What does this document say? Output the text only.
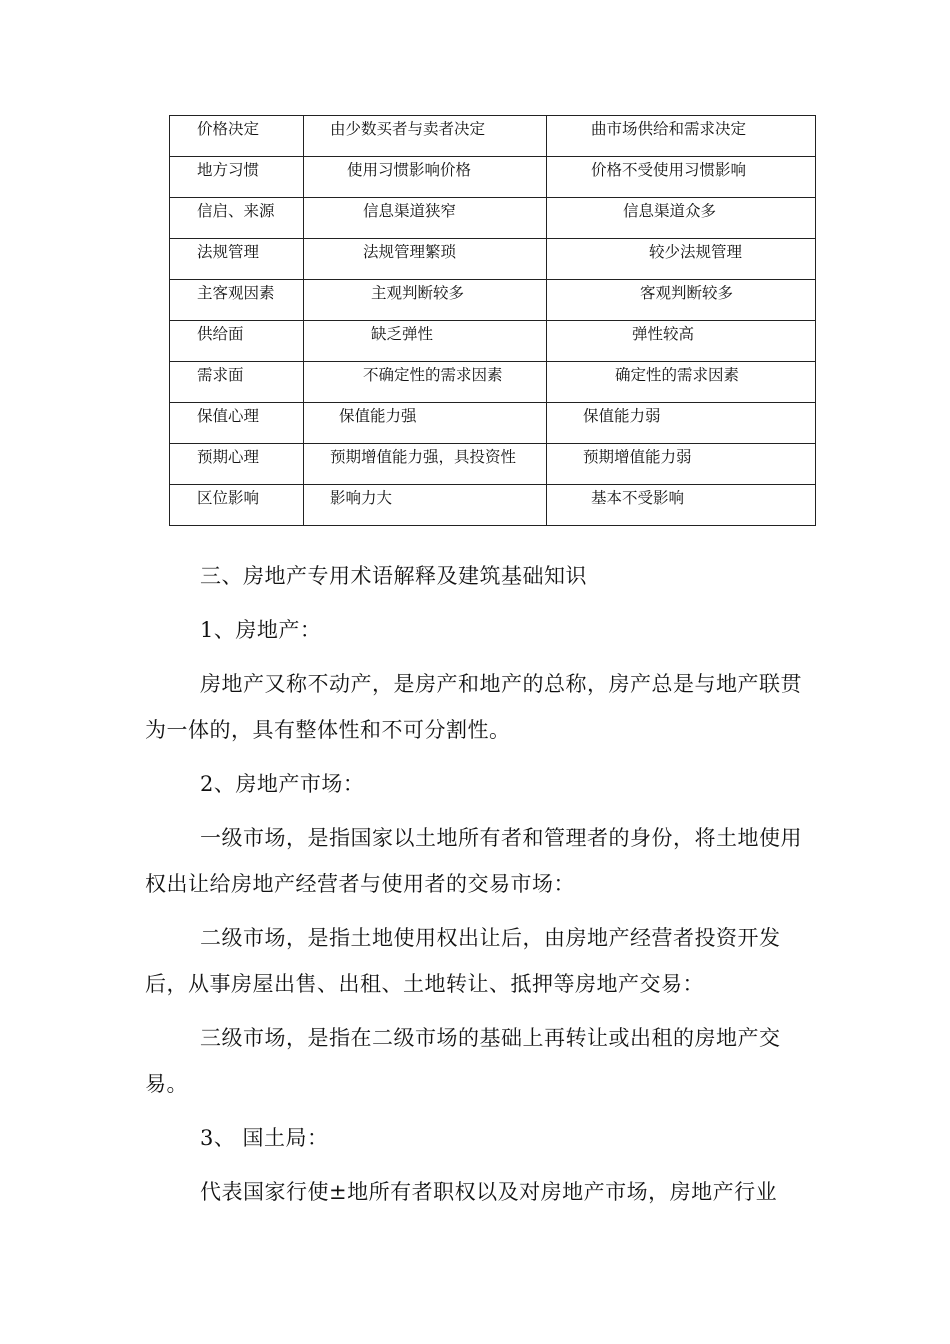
价格决定	由少数买者与卖者决定	曲市场供给和需求决定
地方习惯	使用习惯影响价格	价格不受使用习惯影响
信启、来源	信息渠道狭窄	信息渠道众多
法规管理	法规管理繁琐	较少法规管理
主客观因素	主观判断较多	客观判断较多
供给面	缺乏弹性	弹性较高
需求面	不确定性的需求因素	确定性的需求因素
保值心理	保值能力强	保值能力弱
预期心理	预期增值能力强，具投资性	预期增值能力弱
区位影响	影响力大	基本不受影响

三、房地产专用术语解释及建筑基础知识

1、房地产：

房地产又称不动产，是房产和地产的总称，房产总是与地产联贯为一体的，具有整体性和不可分割性。

2、房地产市场：

一级市场，是指国家以土地所有者和管理者的身份，将土地使用权出让给房地产经营者与使用者的交易市场：

二级市场，是指土地使用权出让后，由房地产经营者投资开发后，从事房屋出售、出租、土地转让、抵押等房地产交易：

三级市场，是指在二级市场的基础上再转让或出租的房地产交易。

3、 国土局：

代表国家行使±地所有者职权以及对房地产市场，房地产行业
